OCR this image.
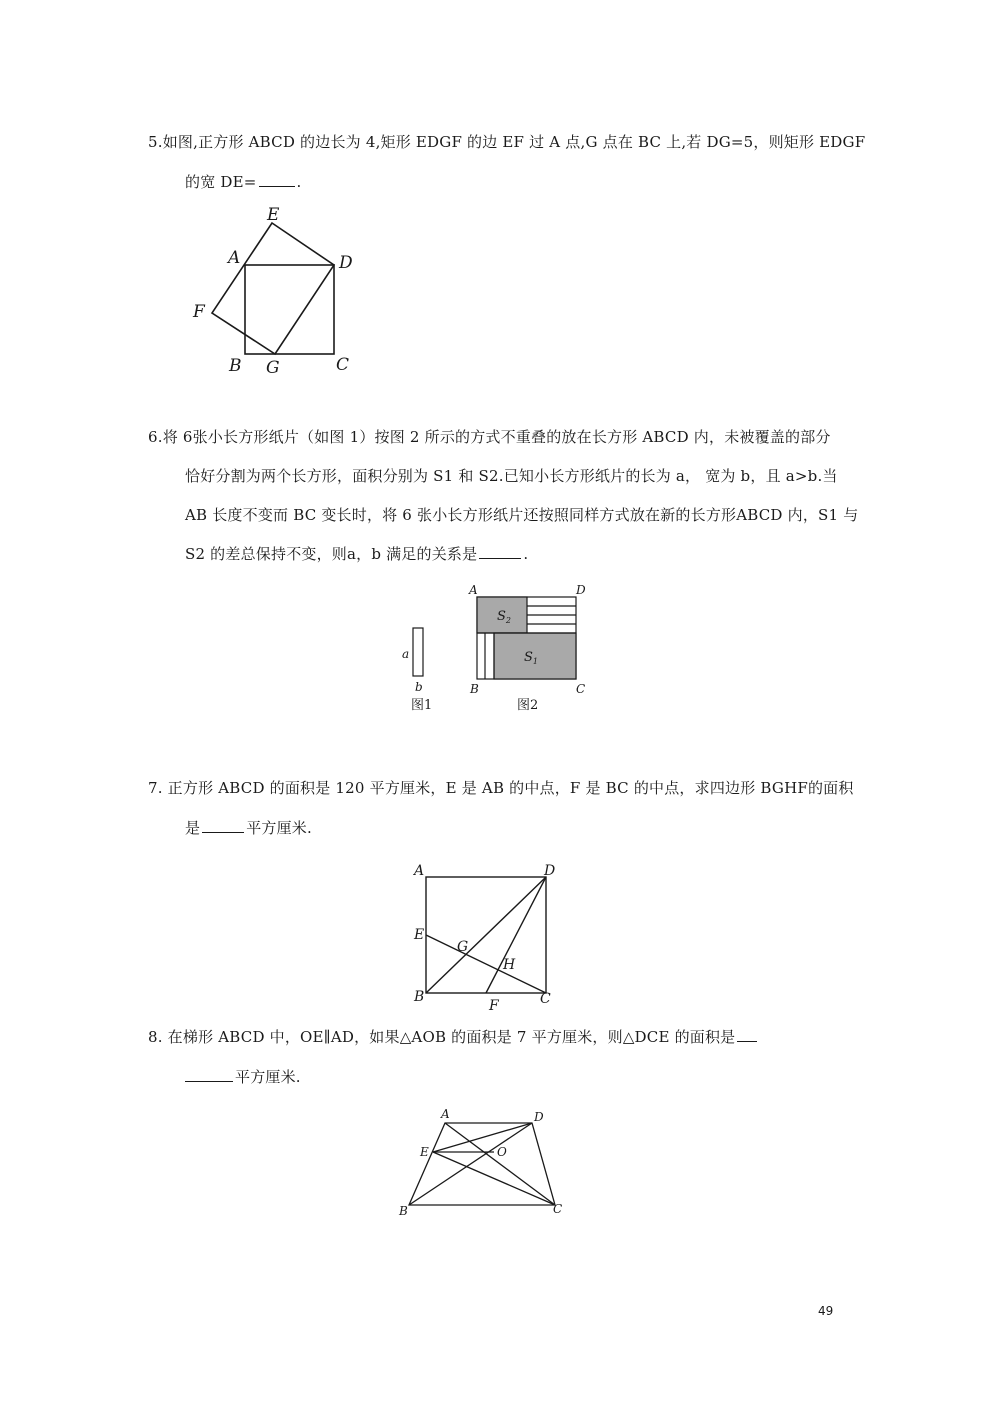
5.如图,正方形 ABCD 的边长为 4,矩形 EDGF 的边 EF 过 A 点,G 点在 BC 上,若 DG=5，则矩形 EDGF
的宽 DE=	.
E
A	D
F
B G	C
6.将 6张小长方形纸片（如图 1）按图 2 所示的方式不重叠的放在长方形 ABCD 内，未被覆盖的部分
恰好分割为两个长方形，面积分别为 S1 和 S2.已知小长方形纸片的长为 a， 宽为 b，且 a>b.当
AB 长度不变而 BC 变长时，将 6 张小长方形纸片还按照同样方式放在新的长方形ABCD 内，S1 与
S2 的差总保持不变，则a，b 满足的关系是	.
a
b
图1
A	D
B	C
$S_2$
$S_1$
图2
7. 正方形 ABCD 的面积是 120 平方厘米，E 是 AB 的中点，F 是 BC 的中点，求四边形 BGHF的面积
是	平方厘米.
A	D
E
G
H
B
F	C
8. 在梯形 ABCD 中，OE∥AD，如果△AOB 的面积是 7 平方厘米，则△DCE 的面积是
平方厘米.
A	D
E	O
B	C
49
